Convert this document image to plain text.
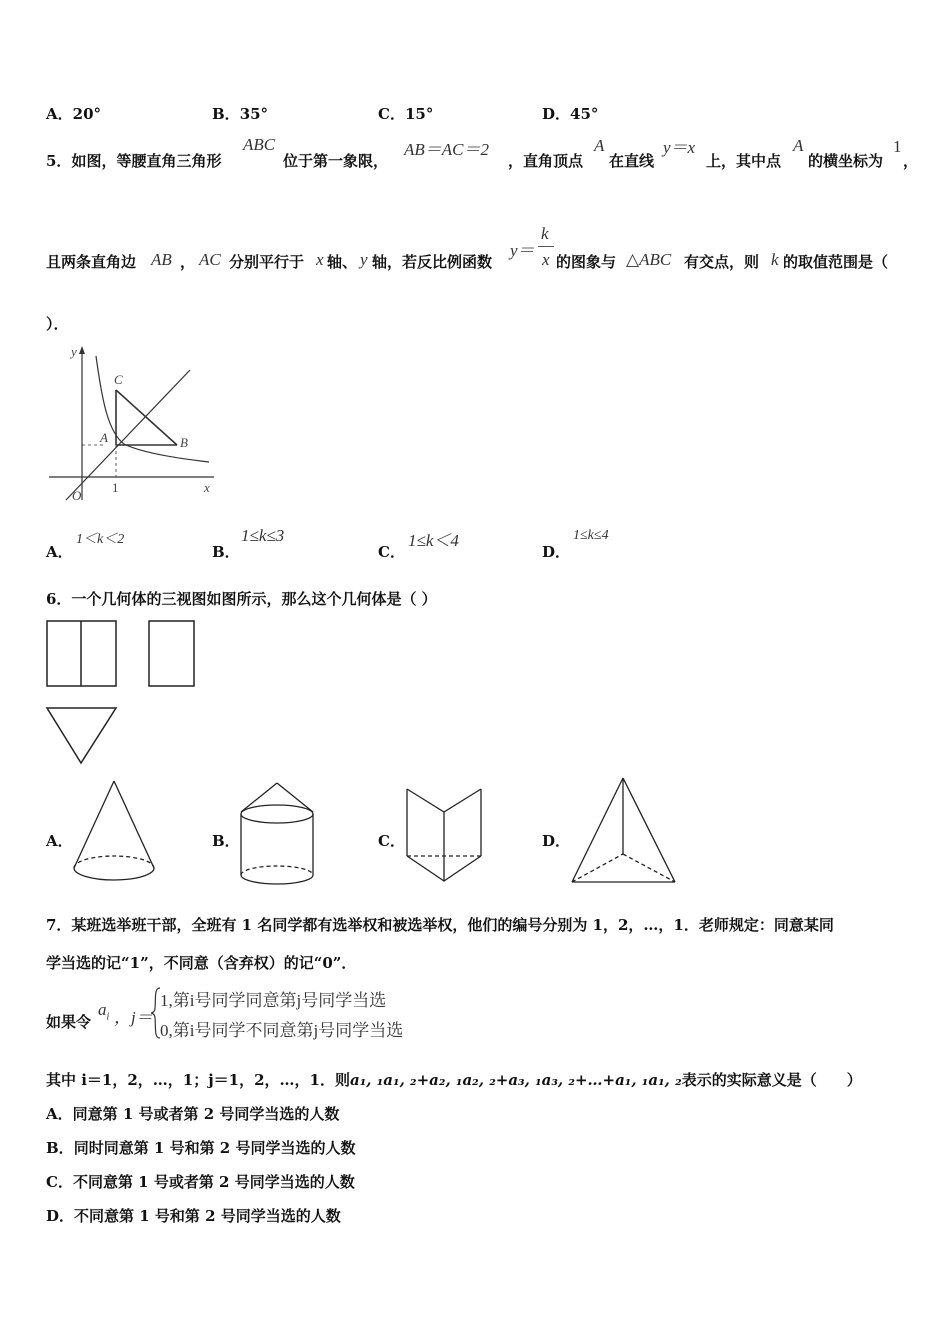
A．20°	B．35°	C．15°	D．45°
5．如图，等腰直角三角形
ABC
位于第一象限，
AB＝AC＝2
，直角顶点
A
在直线
y＝x
上，其中点
A
的横坐标为
1
，
且两条直角边 AB ， AC 分别平行于 x 轴、 y 轴，若反比例函数
y＝
k
x 的图象与 △ABC 有交点，则 k 的取值范围是（
）．
y
x
O
A	B
C
1
A．
1＜k＜2
B．
1≤k≤3
C．
1≤k＜4
D．
1≤k≤4
6．一个几何体的三视图如图所示，那么这个几何体是（ ）
A．	B．	C．	D．
7．某班选举班干部，全班有 1 名同学都有选举权和被选举权，他们的编号分别为 1，2，…，1．老师规定：同意某同
学当选的记“1”，不同意（含弃权）的记“0”．
如果令
$a_i$ ，j＝
1,第i号同学同意第j号同学当选
0,第i号同学不同意第j号同学当选
其中 i＝1，2，…，1；j＝1，2，…，1．则a₁, ₁a₁, ₂+a₂, ₁a₂, ₂+a₃, ₁a₃, ₂+…+a₁, ₁a₁, ₂表示的实际意义是（　　）
A．同意第 1 号或者第 2 号同学当选的人数
B．同时同意第 1 号和第 2 号同学当选的人数
C．不同意第 1 号或者第 2 号同学当选的人数
D．不同意第 1 号和第 2 号同学当选的人数
